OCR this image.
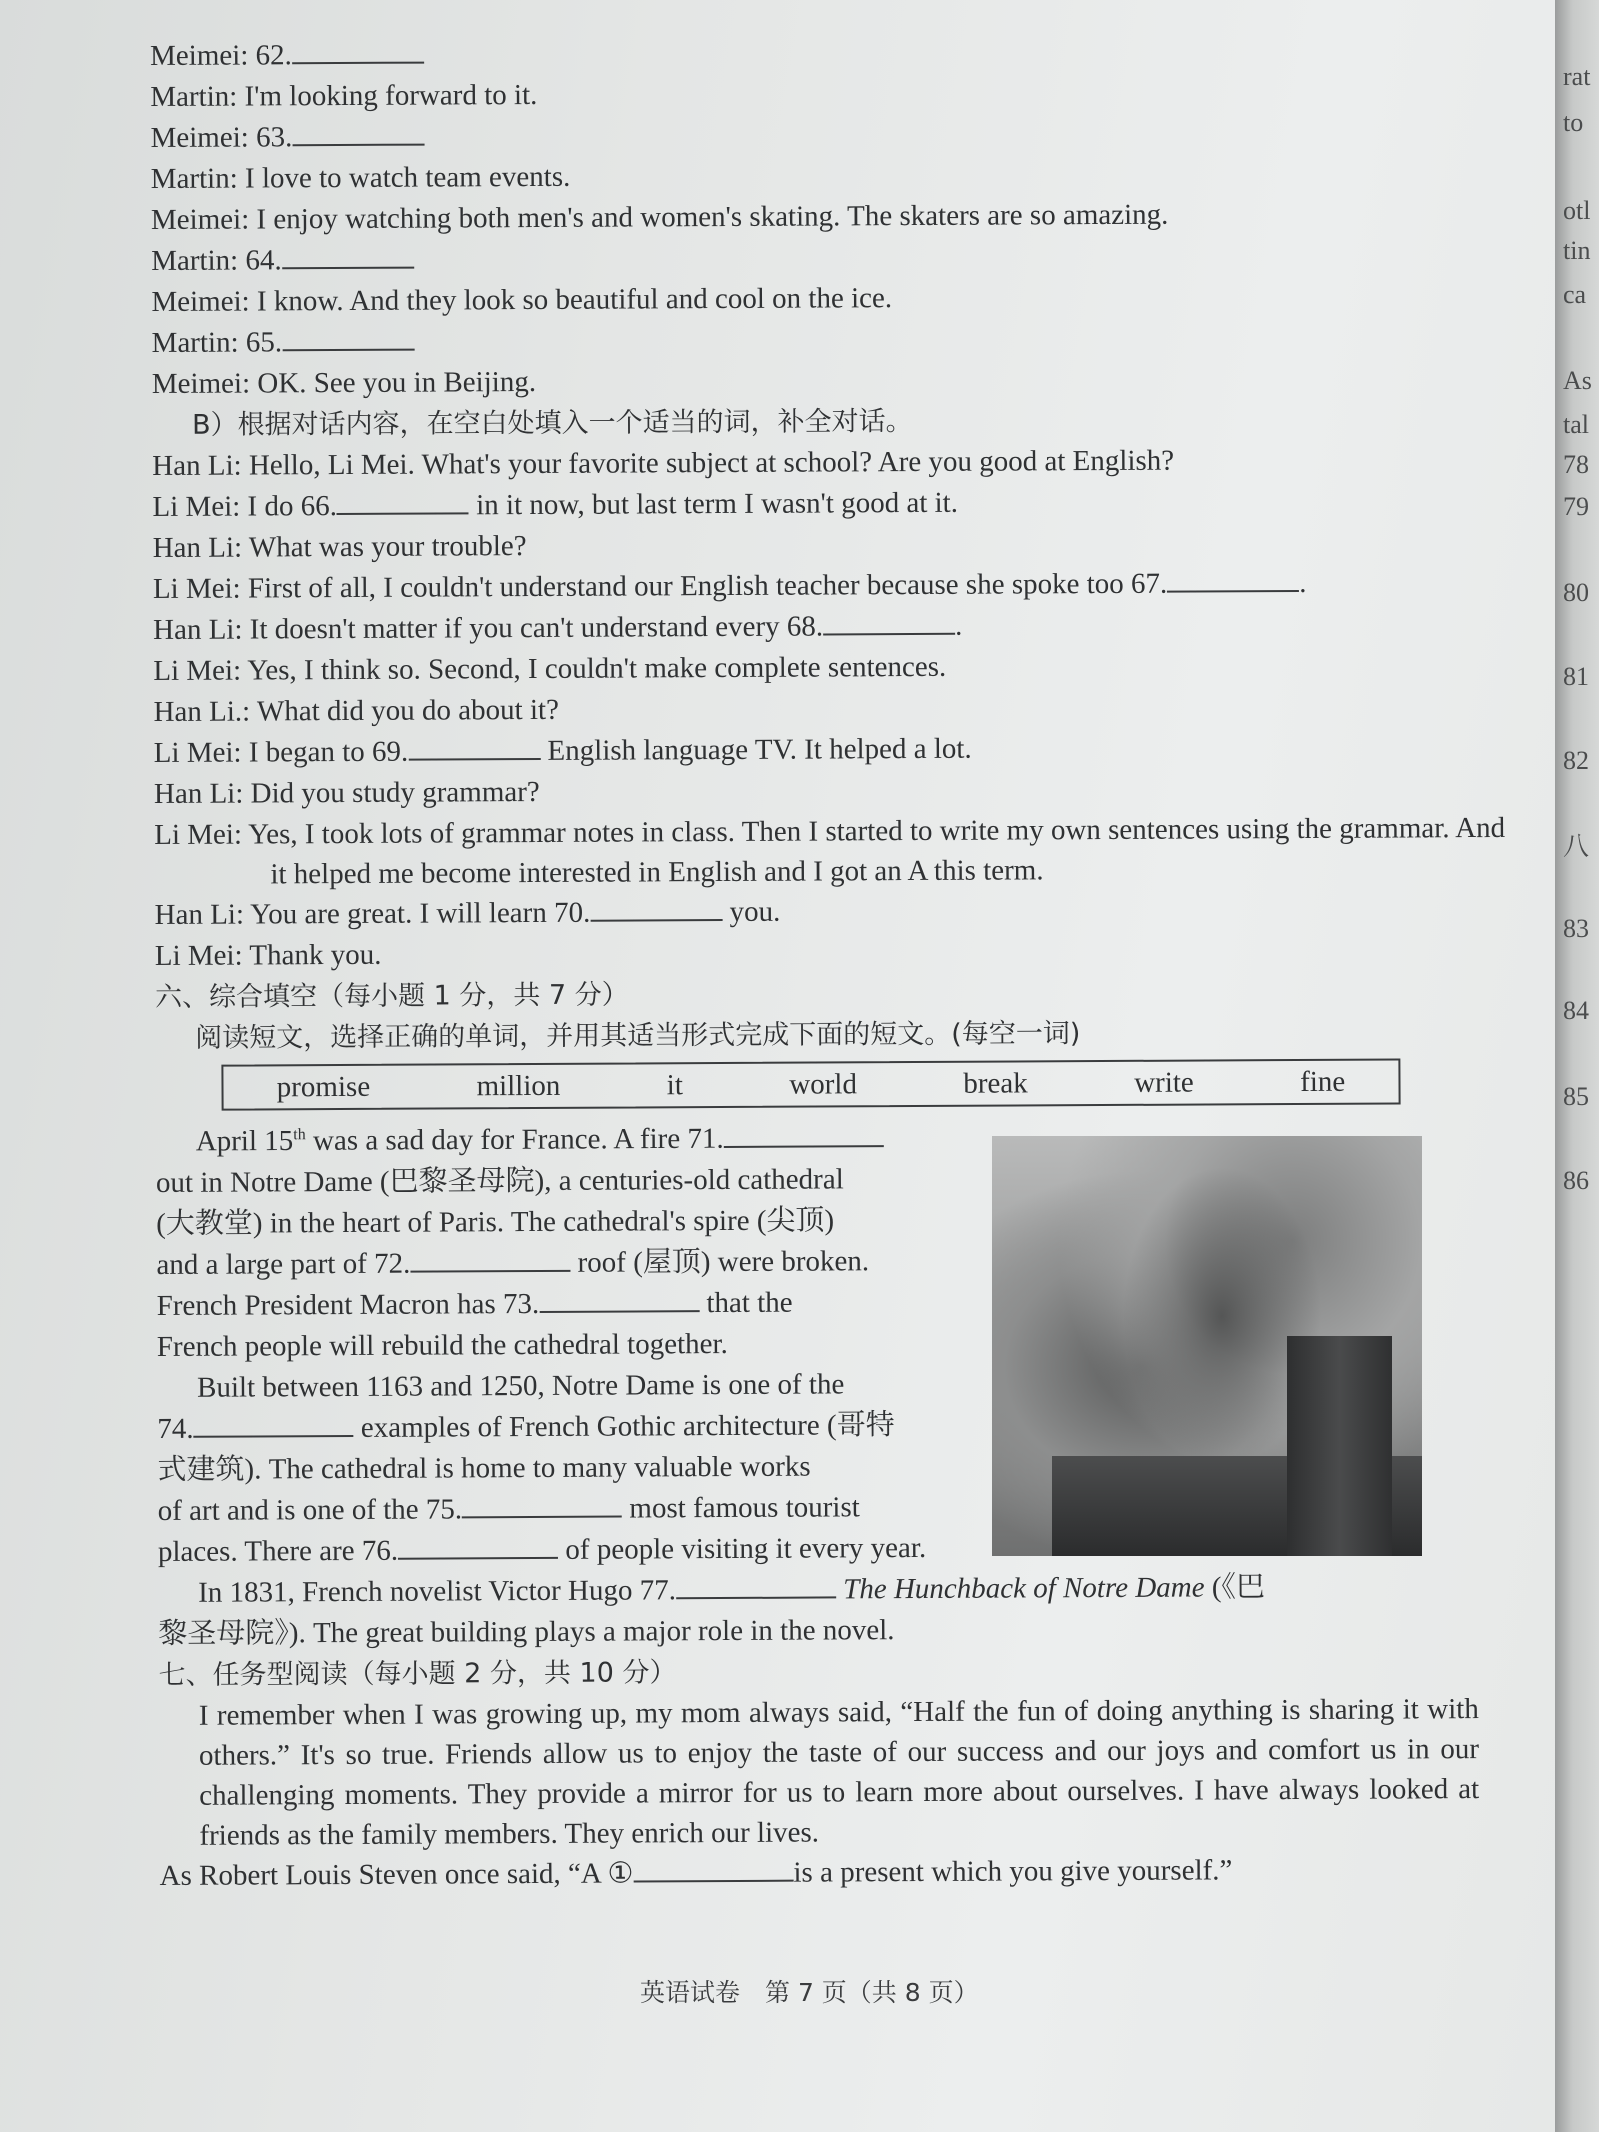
rat
to
otl
tin
ca
As
tal
78
79
80
81
82
八
83
84
85
86
Meimei: 62.
Martin: I'm looking forward to it.
Meimei: 63.
Martin: I love to watch team events.
Meimei: I enjoy watching both men's and women's skating. The skaters are so amazing.
Martin: 64.
Meimei: I know. And they look so beautiful and cool on the ice.
Martin: 65.
Meimei: OK. See you in Beijing.
B）根据对话内容，在空白处填入一个适当的词，补全对话。
Han Li: Hello, Li Mei. What's your favorite subject at school? Are you good at English?
Li Mei: I do 66.	in it now, but last term I wasn't good at it.
Han Li: What was your trouble?
Li Mei: First of all, I couldn't understand our English teacher because she spoke too 67.	.
Han Li: It doesn't matter if you can't understand every 68.	.
Li Mei: Yes, I think so. Second, I couldn't make complete sentences.
Han Li.: What did you do about it?
Li Mei: I began to 69.	English language TV. It helped a lot.
Han Li: Did you study grammar?
Li Mei: Yes, I took lots of grammar notes in class. Then I started to write my own sentences using the grammar. And it helped me become interested in English and I got an A this term.
Han Li: You are great. I will learn 70.	you.
Li Mei: Thank you.
六、综合填空（每小题 1 分，共 7 分）
阅读短文，选择正确的单词，并用其适当形式完成下面的短文。(每空一词)
promise	million	it	world	break	write	fine
April 15th was a sad day for France. A fire 71.
out in Notre Dame (巴黎圣母院), a centuries-old cathedral
(大教堂) in the heart of Paris. The cathedral's spire (尖顶)
and a large part of 72.	roof (屋顶) were broken.
French President Macron has 73.	that the
French people will rebuild the cathedral together.
Built between 1163 and 1250, Notre Dame is one of the
74.	examples of French Gothic architecture (哥特
式建筑). The cathedral is home to many valuable works
of art and is one of the 75.	most famous tourist
places. There are 76.	of people visiting it every year.
In 1831, French novelist Victor Hugo 77.	The Hunchback of Notre Dame (《巴
黎圣母院》). The great building plays a major role in the novel.
七、任务型阅读（每小题 2 分，共 10 分）
I remember when I was growing up, my mom always said, “Half the fun of doing anything is sharing it with others.” It's so true. Friends allow us to enjoy the taste of our success and our joys and comfort us in our challenging moments. They provide a mirror for us to learn more about ourselves. I have always looked at friends as the family members. They enrich our lives.
As Robert Louis Steven once said, “A ①	is a present which you give yourself.”
英语试卷　第 7 页（共 8 页）
